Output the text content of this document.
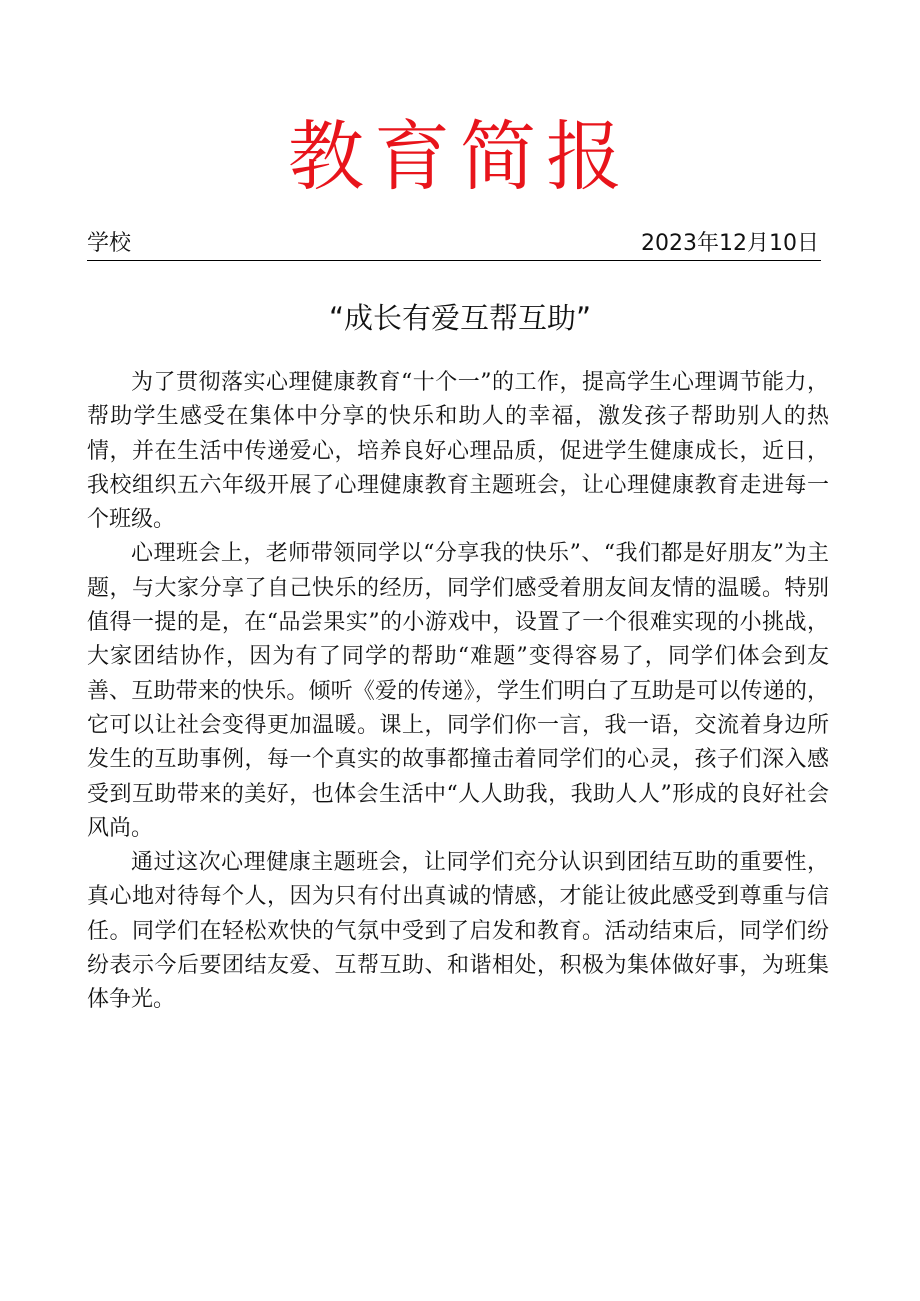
教育简报
学校	2023年12月10日
“成长有爱互帮互助”

为了贯彻落实心理健康教育“十个一”的工作，提高学生心理调节能力，帮助学生感受在集体中分享的快乐和助人的幸福，激发孩子帮助别人的热情，并在生活中传递爱心，培养良好心理品质，促进学生健康成长，近日，我校组织五六年级开展了心理健康教育主题班会，让心理健康教育走进每一个班级。

心理班会上，老师带领同学以“分享我的快乐”、“我们都是好朋友”为主题，与大家分享了自己快乐的经历，同学们感受着朋友间友情的温暖。特别值得一提的是，在“品尝果实”的小游戏中，设置了一个很难实现的小挑战，大家团结协作，因为有了同学的帮助“难题”变得容易了，同学们体会到友善、互助带来的快乐。倾听《爱的传递》，学生们明白了互助是可以传递的，它可以让社会变得更加温暖。课上，同学们你一言，我一语，交流着身边所发生的互助事例，每一个真实的故事都撞击着同学们的心灵，孩子们深入感受到互助带来的美好，也体会生活中“人人助我，我助人人”形成的良好社会风尚。

通过这次心理健康主题班会，让同学们充分认识到团结互助的重要性，真心地对待每个人，因为只有付出真诚的情感，才能让彼此感受到尊重与信任。同学们在轻松欢快的气氛中受到了启发和教育。活动结束后，同学们纷纷表示今后要团结友爱、互帮互助、和谐相处，积极为集体做好事，为班集体争光。
